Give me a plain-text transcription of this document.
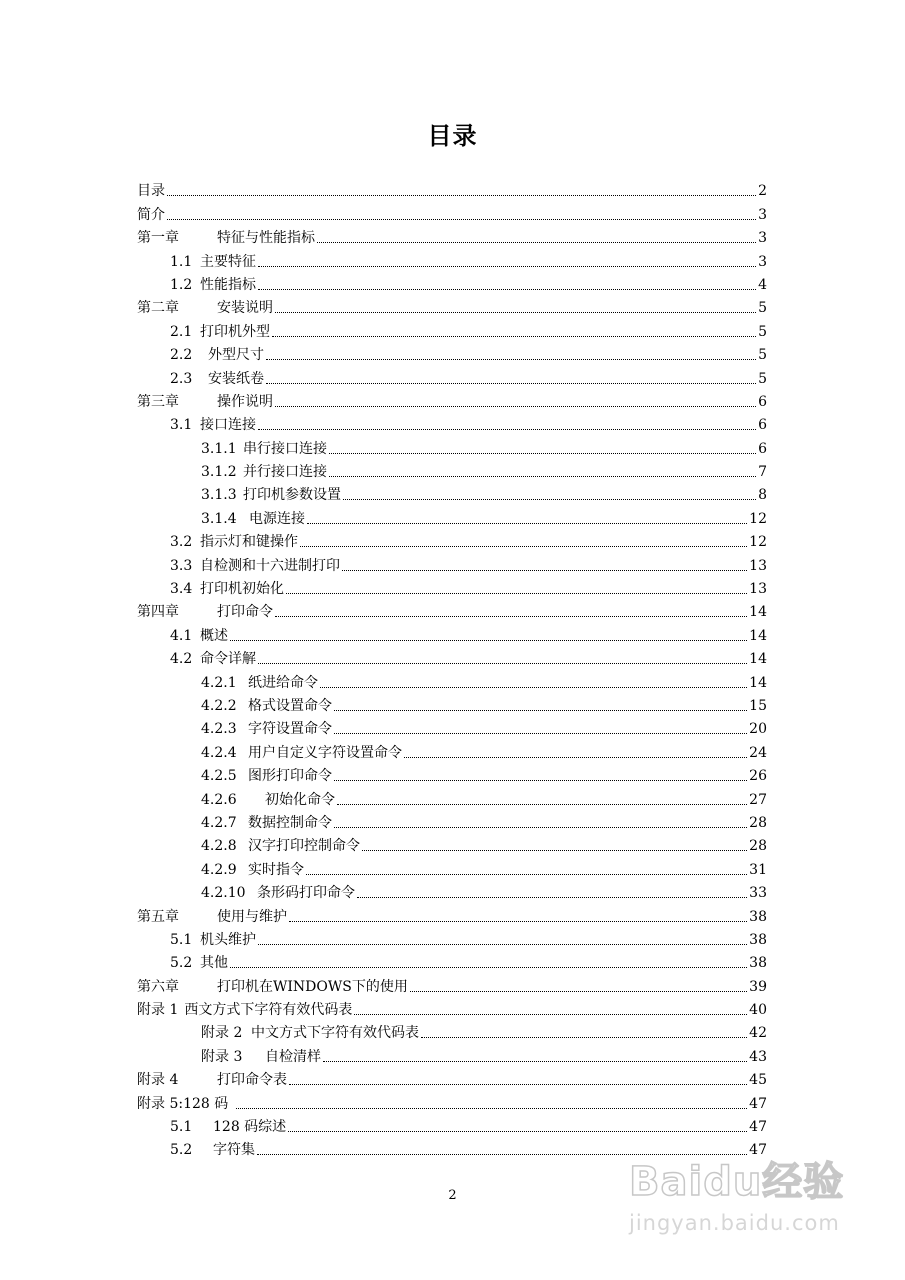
目录
目录	2
简介	3
第一章	特征与性能指标	3
1.1 主要特征	3
1.2 性能指标	4
第二章	安装说明	5
2.1 打印机外型	5
2.2	外型尺寸	5
2.3	安装纸卷	5
第三章	操作说明	6
3.1 接口连接	6
3.1.1 串行接口连接	6
3.1.2 并行接口连接	7
3.1.3 打印机参数设置	8
3.1.4 电源连接	12
3.2 指示灯和键操作	12
3.3 自检测和十六进制打印	13
3.4 打印机初始化	13
第四章	打印命令	14
4.1 概述	14
4.2 命令详解	14
4.2.1 纸进给命令	14
4.2.2 格式设置命令	15
4.2.3 字符设置命令	20
4.2.4 用户自定义字符设置命令	24
4.2.5 图形打印命令	26
4.2.6	初始化命令	27
4.2.7 数据控制命令	28
4.2.8 汉字打印控制命令	28
4.2.9 实时指令	31
4.2.10 条形码打印命令	33
第五章	使用与维护	38
5.1 机头维护	38
5.2 其他	38
第六章	打印机在WINDOWS下的使用	39
附录 1 西文方式下字符有效代码表	40
附录 2 中文方式下字符有效代码表	42
附录 3	自检清样	43
附录 4	打印命令表	45
附录 5:128 码	47
5.1	128 码综述	47
5.2	字符集	47
2	Baidu经验
jingyan.baidu.com
